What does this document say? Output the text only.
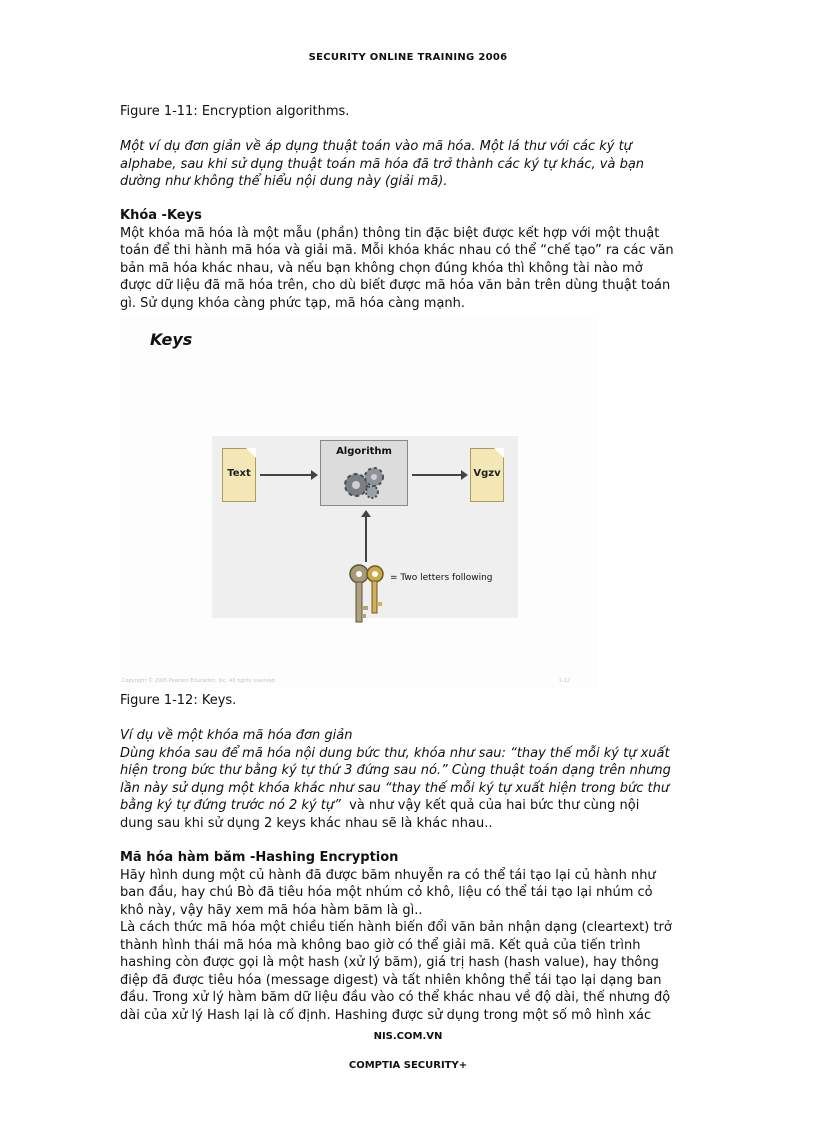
SECURITY ONLINE TRAINING 2006

Figure 1-11: Encryption algorithms.

Một ví dụ đơn giản về áp dụng thuật toán vào mã hóa. Một lá thư với các ký tự

alphabe, sau khi sử dụng thuật toán mã hóa đã trở thành các ký tự khác, và bạn

dường như không thể hiểu nội dung này (giải mã).

Khóa -Keys

Một khóa mã hóa là một mẫu (phần) thông tin đặc biệt được kết hợp với một thuật

toán để thi hành mã hóa và giải mã. Mỗi khóa khác nhau có thể “chế tạo” ra các văn

bản mã hóa khác nhau, và nếu bạn không chọn đúng khóa thì không tài nào mở

được dữ liệu đã mã hóa trên, cho dù biết được mã hóa văn bản trên dùng thuật toán

gì. Sử dụng khóa càng phức tạp, mã hóa càng mạnh.

Keys
Text
Algorithm
Vgzv
= Two letters following
Copyright © 2005 Pearson Education, Inc. All rights reserved.	1-12

Figure 1-12: Keys.

Ví dụ về một khóa mã hóa đơn giản

Dùng khóa sau để mã hóa nội dung bức thư, khóa như sau: “thay thế mỗi ký tự xuất

hiện trong bức thư bằng ký tự thứ 3 đứng sau nó.” Cùng thuật toán dạng trên nhưng

lần này sử dụng một khóa khác như sau “thay thế mỗi ký tự xuất hiện trong bức thư

bằng ký tự đứng trước nó 2 ký tự”  và như vậy kết quả của hai bức thư cùng nội

dung sau khi sử dụng 2 keys khác nhau sẽ là khác nhau..

Mã hóa hàm băm -Hashing Encryption

Hãy hình dung một củ hành đã được băm nhuyễn ra có thể tái tạo lại củ hành như

ban đầu, hay chú Bò đã tiêu hóa một nhúm cỏ khô, liệu có thể tái tạo lại nhúm cỏ

khô này, vậy hãy xem mã hóa hàm băm là gì..

Là cách thức mã hóa một chiều tiến hành biến đổi văn bản nhận dạng (cleartext) trở

thành hình thái mã hóa mà không bao giờ có thể giải mã. Kết quả của tiến trình

hashing còn được gọi là một hash (xử lý băm), giá trị hash (hash value), hay thông

điệp đã được tiêu hóa (message digest) và tất nhiên không thể tái tạo lại dạng ban

đầu. Trong xử lý hàm băm dữ liệu đầu vào có thể khác nhau về độ dài, thế nhưng độ

dài của xử lý Hash lại là cố định. Hashing được sử dụng trong một số mô hình xác

NIS.COM.VN
COMPTIA SECURITY+
